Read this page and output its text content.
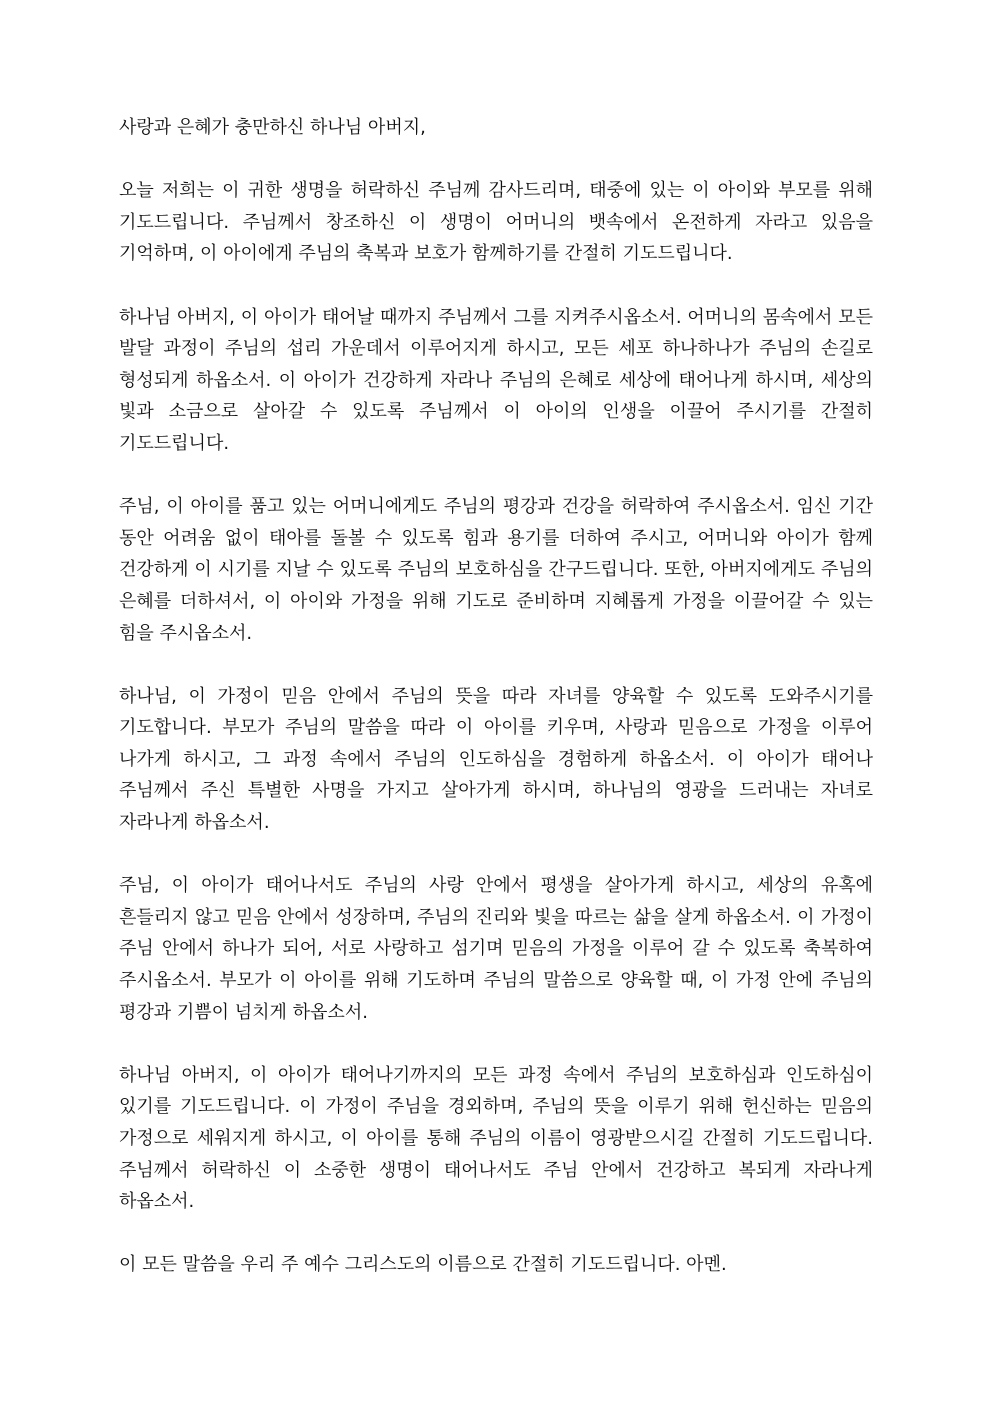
사랑과 은혜가 충만하신 하나님 아버지,

오늘 저희는 이 귀한 생명을 허락하신 주님께 감사드리며, 태중에 있는 이 아이와 부모를 위해 기도드립니다. 주님께서 창조하신 이 생명이 어머니의 뱃속에서 온전하게 자라고 있음을 기억하며, 이 아이에게 주님의 축복과 보호가 함께하기를 간절히 기도드립니다.

하나님 아버지, 이 아이가 태어날 때까지 주님께서 그를 지켜주시옵소서. 어머니의 몸속에서 모든 발달 과정이 주님의 섭리 가운데서 이루어지게 하시고, 모든 세포 하나하나가 주님의 손길로 형성되게 하옵소서. 이 아이가 건강하게 자라나 주님의 은혜로 세상에 태어나게 하시며, 세상의 빛과 소금으로 살아갈 수 있도록 주님께서 이 아이의 인생을 이끌어 주시기를 간절히 기도드립니다.

주님, 이 아이를 품고 있는 어머니에게도 주님의 평강과 건강을 허락하여 주시옵소서. 임신 기간 동안 어려움 없이 태아를 돌볼 수 있도록 힘과 용기를 더하여 주시고, 어머니와 아이가 함께 건강하게 이 시기를 지날 수 있도록 주님의 보호하심을 간구드립니다. 또한, 아버지에게도 주님의 은혜를 더하셔서, 이 아이와 가정을 위해 기도로 준비하며 지혜롭게 가정을 이끌어갈 수 있는 힘을 주시옵소서.

하나님, 이 가정이 믿음 안에서 주님의 뜻을 따라 자녀를 양육할 수 있도록 도와주시기를 기도합니다. 부모가 주님의 말씀을 따라 이 아이를 키우며, 사랑과 믿음으로 가정을 이루어 나가게 하시고, 그 과정 속에서 주님의 인도하심을 경험하게 하옵소서. 이 아이가 태어나 주님께서 주신 특별한 사명을 가지고 살아가게 하시며, 하나님의 영광을 드러내는 자녀로 자라나게 하옵소서.

주님, 이 아이가 태어나서도 주님의 사랑 안에서 평생을 살아가게 하시고, 세상의 유혹에 흔들리지 않고 믿음 안에서 성장하며, 주님의 진리와 빛을 따르는 삶을 살게 하옵소서. 이 가정이 주님 안에서 하나가 되어, 서로 사랑하고 섬기며 믿음의 가정을 이루어 갈 수 있도록 축복하여 주시옵소서. 부모가 이 아이를 위해 기도하며 주님의 말씀으로 양육할 때, 이 가정 안에 주님의 평강과 기쁨이 넘치게 하옵소서.

하나님 아버지, 이 아이가 태어나기까지의 모든 과정 속에서 주님의 보호하심과 인도하심이 있기를 기도드립니다. 이 가정이 주님을 경외하며, 주님의 뜻을 이루기 위해 헌신하는 믿음의 가정으로 세워지게 하시고, 이 아이를 통해 주님의 이름이 영광받으시길 간절히 기도드립니다. 주님께서 허락하신 이 소중한 생명이 태어나서도 주님 안에서 건강하고 복되게 자라나게 하옵소서.

이 모든 말씀을 우리 주 예수 그리스도의 이름으로 간절히 기도드립니다. 아멘.
